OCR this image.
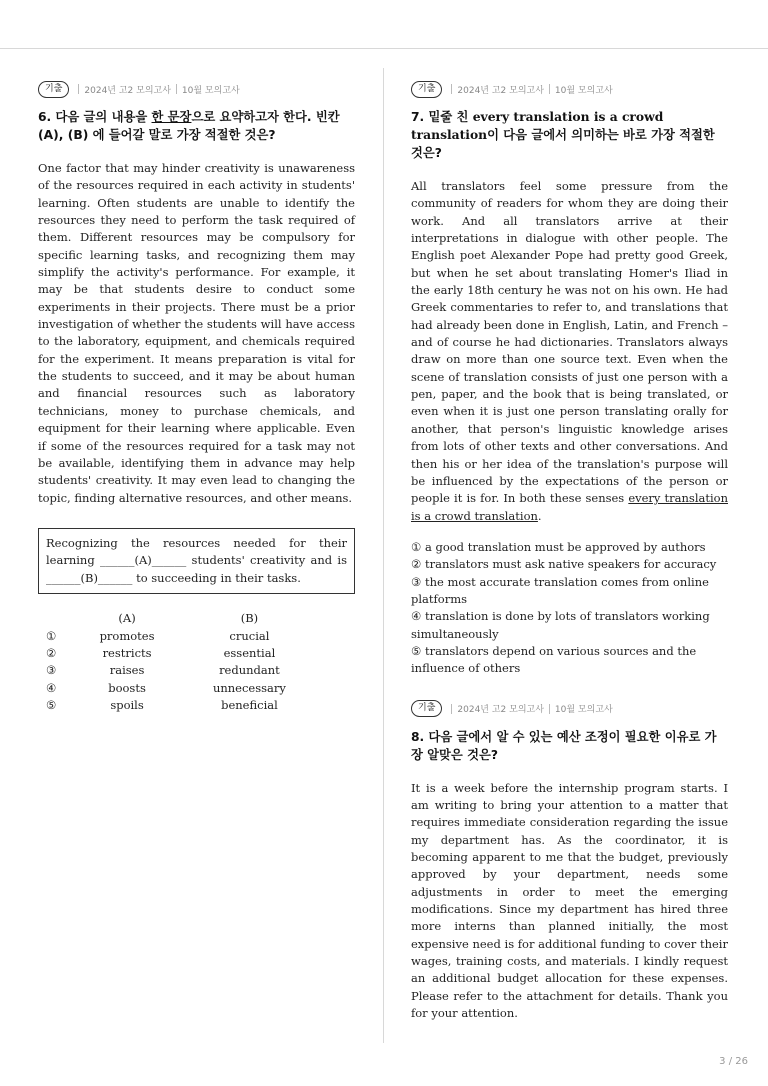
기출	2024년 고2 모의고사 10월 모의고사
6. 다음 글의 내용을 한 문장으로 요약하고자 한다. 빈칸 (A), (B) 에 들어갈 말로 가장 적절한 것은?

One factor that may hinder creativity is unawareness of the resources required in each activity in students' learning. Often students are unable to identify the resources they need to perform the task required of them. Different resources may be compulsory for specific learning tasks, and recognizing them may simplify the activity's performance. For example, it may be that students desire to conduct some experiments in their projects. There must be a prior investigation of whether the students will have access to the laboratory, equipment, and chemicals required for the experiment. It means preparation is vital for the students to succeed, and it may be about human and financial resources such as laboratory technicians, money to purchase chemicals, and equipment for their learning where applicable. Even if some of the resources required for a task may not be available, identifying them in advance may help students' creativity. It may even lead to changing the topic, finding alternative resources, and other means.

Recognizing the resources needed for their learning ______(A)______ students' creativity and is ______(B)______ to succeeding in their tasks.
	(A)	(B)
①	promotes	crucial
②	restricts	essential
③	raises	redundant
④	boosts	unnecessary
⑤	spoils	beneficial
기출	2024년 고2 모의고사 10월 모의고사
7. 밑줄 친 every translation is a crowd translation이 다음 글에서 의미하는 바로 가장 적절한 것은?

All translators feel some pressure from the community of readers for whom they are doing their work. And all translators arrive at their interpretations in dialogue with other people. The English poet Alexander Pope had pretty good Greek, but when he set about translating Homer's Iliad in the early 18th century he was not on his own. He had Greek commentaries to refer to, and translations that had already been done in English, Latin, and French – and of course he had dictionaries. Translators always draw on more than one source text. Even when the scene of translation consists of just one person with a pen, paper, and the book that is being translated, or even when it is just one person translating orally for another, that person's linguistic knowledge arises from lots of other texts and other conversations. And then his or her idea of the translation's purpose will be influenced by the expectations of the person or people it is for. In both these senses every translation is a crowd translation.

① a good translation must be approved by authors
② translators must ask native speakers for accuracy
③ the most accurate translation comes from online platforms
④ translation is done by lots of translators working simultaneously
⑤ translators depend on various sources and the influence of others
기출	2024년 고2 모의고사 10월 모의고사
8. 다음 글에서 알 수 있는 예산 조정이 필요한 이유로 가장 알맞은 것은?

It is a week before the internship program starts. I am writing to bring your attention to a matter that requires immediate consideration regarding the issue my department has. As the coordinator, it is becoming apparent to me that the budget, previously approved by your department, needs some adjustments in order to meet the emerging modifications. Since my department has hired three more interns than planned initially, the most expensive need is for additional funding to cover their wages, training costs, and materials. I kindly request an additional budget allocation for these expenses. Please refer to the attachment for details. Thank you for your attention.

3 / 26
